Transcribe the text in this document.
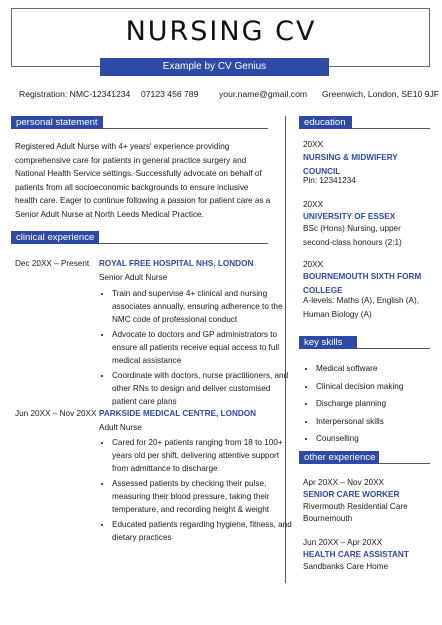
NURSING CV
Example by CV Genius
Registration: NMC-12341234 07123 456 789 your.name@gmail.com Greenwich, London, SE10 9JF
personal statement
Registered Adult Nurse with 4+ years' experience providing comprehensive care for patients in general practice surgery and National Health Service settings. Successfully advocate on behalf of patients from all socioeconomic backgrounds to ensure inclusive health care. Eager to continue following a passion for patient care as a Senior Adult Nurse at North Leeds Medical Practice.
clinical experience
Dec 20XX – Present ROYAL FREE HOSPITAL NHS, LONDON
Senior Adult Nurse
• Train and supervise 4+ clinical and nursing associates annually, ensuring adherence to the NMC code of professional conduct
• Advocate to doctors and GP administrators to ensure all patients receive equal access to full medical assistance
• Coordinate with doctors, nurse practitioners, and other RNs to design and deliver customised patient care plans
Jun 20XX – Nov 20XX PARKSIDE MEDICAL CENTRE, LONDON
Adult Nurse
• Cared for 20+ patients ranging from 18 to 100+ years old per shift, delivering attentive support from admittance to discharge
• Assessed patients by checking their pulse, measuring their blood pressure, taking their temperature, and recording height & weight
• Educated patients regarding hygiene, fitness, and dietary practices
education
20XX
NURSING & MIDWIFERY COUNCIL
Pin: 12341234
20XX
UNIVERSITY OF ESSEX
BSc (Hons) Nursing, upper second-class honours (2:1)
20XX
BOURNEMOUTH SIXTH FORM COLLEGE
A-levels: Maths (A), English (A), Human Biology (A)
key skills
• Medical software
• Clinical decision making
• Discharge planning
• Interpersonal skills
• Counselling
other experience
Apr 20XX – Nov 20XX
SENIOR CARE WORKER
Rivermouth Residential Care
Bournemouth
Jun 20XX – Apr 20XX
HEALTH CARE ASSISTANT
Sandbanks Care Home
